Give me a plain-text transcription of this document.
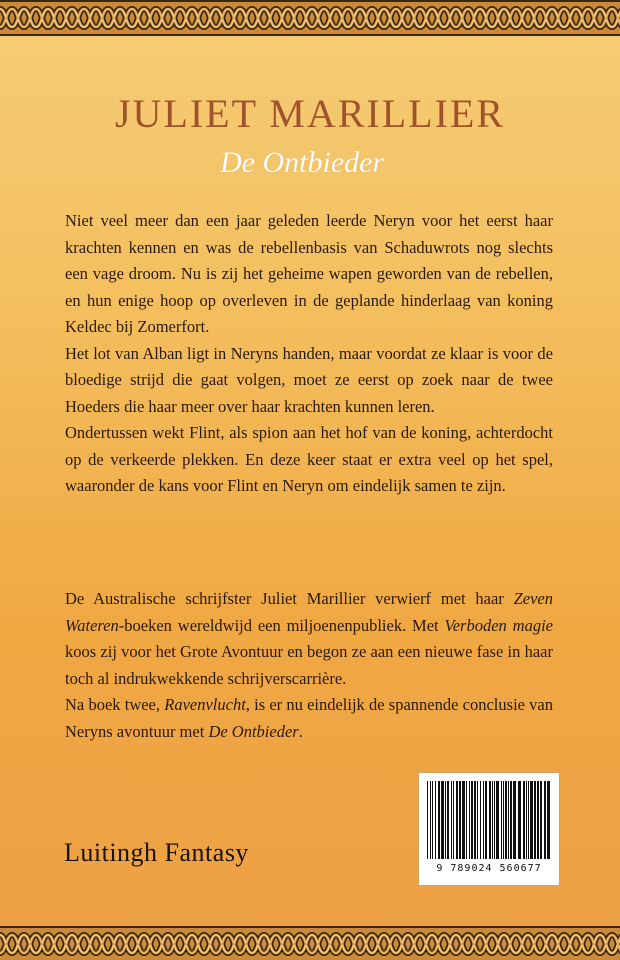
JULIET MARILLIER
De Ontbieder

Niet veel meer dan een jaar geleden leerde Neryn voor het eerst haar krachten kennen en was de rebellenbasis van Schaduwrots nog slechts een vage droom. Nu is zij het geheime wapen geworden van de rebellen, en hun enige hoop op overleven in de geplande hinderlaag van koning Keldec bij Zomerfort.

Het lot van Alban ligt in Neryns handen, maar voordat ze klaar is voor de bloedige strijd die gaat volgen, moet ze eerst op zoek naar de twee Hoeders die haar meer over haar krachten kunnen leren.

Ondertussen wekt Flint, als spion aan het hof van de koning, achterdocht op de verkeerde plekken. En deze keer staat er extra veel op het spel, waaronder de kans voor Flint en Neryn om eindelijk samen te zijn.

De Australische schrijfster Juliet Marillier verwierf met haar Zeven Wateren-boeken wereldwijd een miljoenenpubliek. Met Verboden magie koos zij voor het Grote Avontuur en begon ze aan een nieuwe fase in haar toch al indrukwekkende schrijverscarrière.

Na boek twee, Ravenvlucht, is er nu eindelijk de spannende conclusie van Neryns avontuur met De Ontbieder.

Luitingh Fantasy
9 789024 560677
